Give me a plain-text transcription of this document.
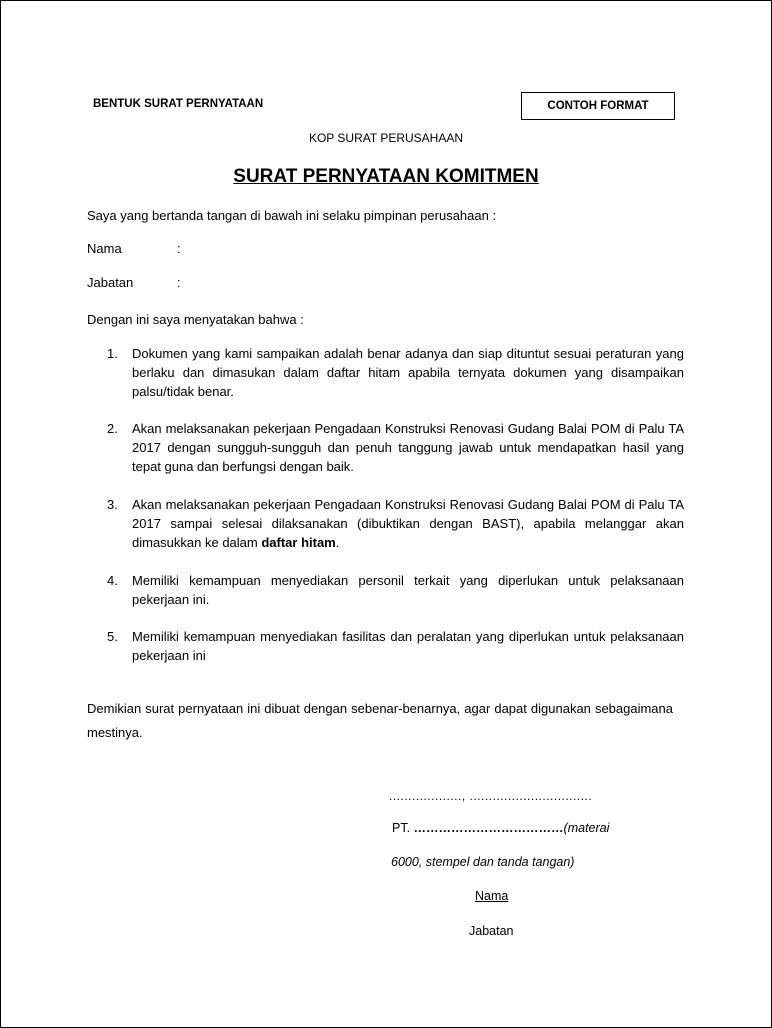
BENTUK SURAT PERNYATAAN	CONTOH FORMAT
KOP SURAT PERUSAHAAN
SURAT PERNYATAAN KOMITMEN
Saya yang bertanda tangan di bawah ini selaku pimpinan perusahaan :
Nama	:
Jabatan	:
Dengan ini saya menyatakan bahwa :
1. Dokumen yang kami sampaikan adalah benar adanya dan siap dituntut sesuai peraturan yang berlaku dan dimasukan dalam daftar hitam apabila ternyata dokumen yang disampaikan palsu/tidak benar.
2. Akan melaksanakan pekerjaan Pengadaan Konstruksi Renovasi Gudang Balai POM di Palu TA 2017 dengan sungguh-sungguh dan penuh tanggung jawab untuk mendapatkan hasil yang tepat guna dan berfungsi dengan baik.
3. Akan melaksanakan pekerjaan Pengadaan Konstruksi Renovasi Gudang Balai POM di Palu TA 2017 sampai selesai dilaksanakan (dibuktikan dengan BAST), apabila melanggar akan dimasukkan ke dalam daftar hitam.
4. Memiliki kemampuan menyediakan personil terkait yang diperlukan untuk pelaksanaan pekerjaan ini.
5. Memiliki kemampuan menyediakan fasilitas dan peralatan yang diperlukan untuk pelaksanaan pekerjaan ini
Demikian surat pernyataan ini dibuat dengan sebenar-benarnya, agar dapat digunakan sebagaimana mestinya.
..................., ................................
PT. ………………………………(materai
6000, stempel dan tanda tangan)
Nama
Jabatan
